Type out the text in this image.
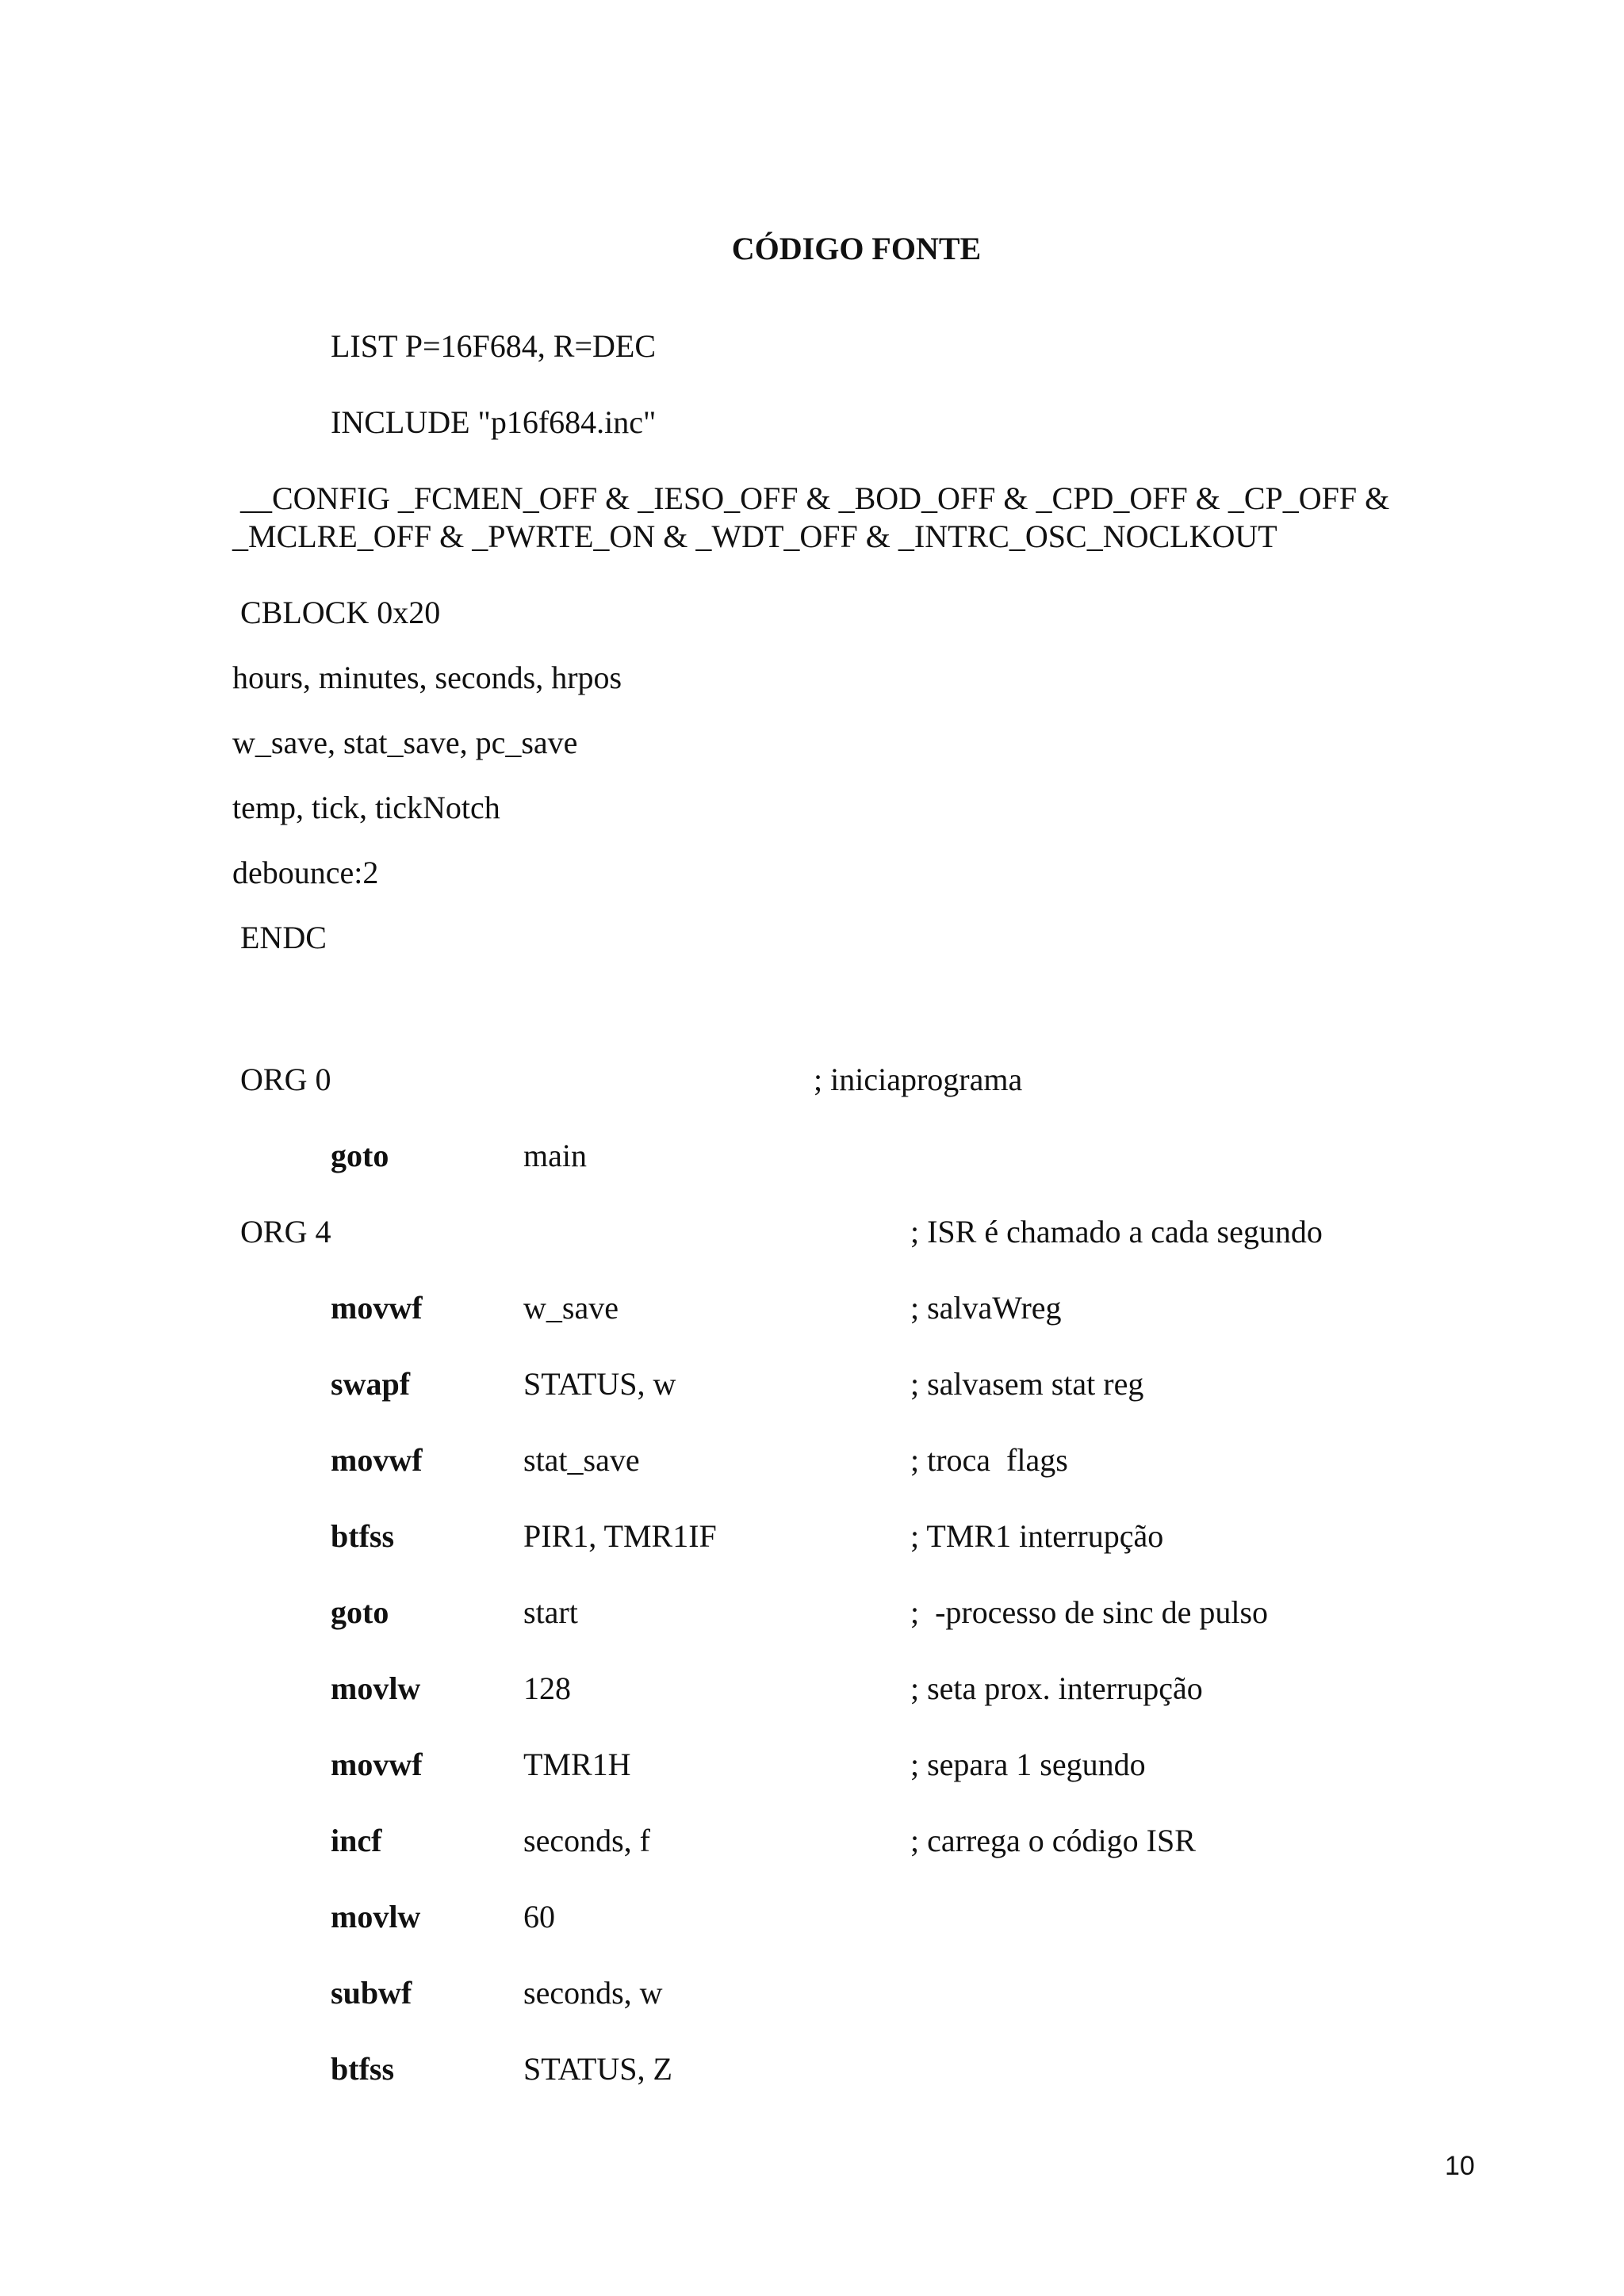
CÓDIGO FONTE
LIST P=16F684, R=DEC
INCLUDE "p16f684.inc"
__CONFIG _FCMEN_OFF & _IESO_OFF & _BOD_OFF & _CPD_OFF & _CP_OFF &
_MCLRE_OFF & _PWRTE_ON & _WDT_OFF & _INTRC_OSC_NOCLKOUT
CBLOCK 0x20
hours, minutes, seconds, hrpos
w_save, stat_save, pc_save
temp, tick, tickNotch
debounce:2
ENDC
ORG 0	; iniciaprograma
goto	main
ORG 4	; ISR é chamado a cada segundo
movwf	w_save	; salvaWreg
swapf	STATUS, w	; salvasem stat reg
movwf	stat_save	; troca  flags
btfss	PIR1, TMR1IF	; TMR1 interrupção
goto	start	;  -processo de sinc de pulso
movlw	128	; seta prox. interrupção
movwf	TMR1H	; separa 1 segundo
incf	seconds, f	; carrega o código ISR
movlw	60
subwf	seconds, w
btfss	STATUS, Z
10
